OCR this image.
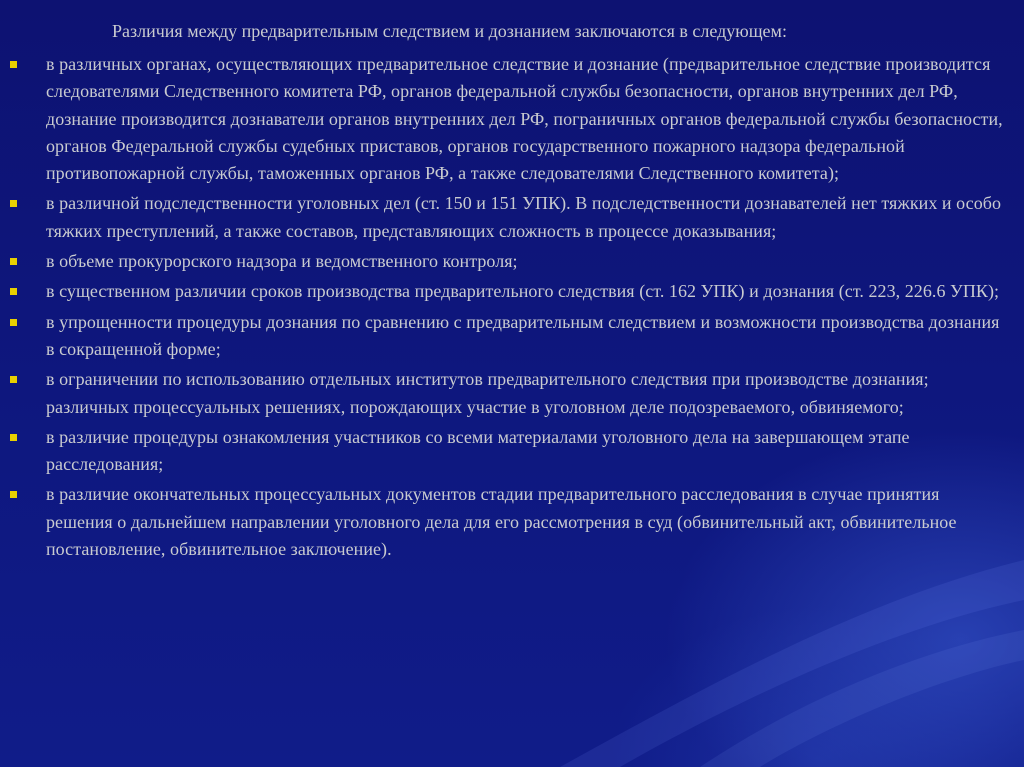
Различия между предварительным следствием и дознанием заключаются в следующем:
в различных органах, осуществляющих предварительное следствие и дознание (предварительное следствие производится следователями Следственного комитета РФ, органов федеральной службы безопасности, органов внутренних дел РФ, дознание производится дознаватели органов внутренних дел РФ, пограничных органов федеральной службы безопасности, органов Федеральной службы судебных приставов, органов государственного пожарного надзора федеральной противопожарной службы, таможенных органов РФ, а также следователями Следственного комитета);
в различной подследственности уголовных дел (ст. 150 и 151 УПК). В подследственности дознавателей нет тяжких и особо тяжких преступлений, а также составов, представляющих сложность в процессе доказывания;
в объеме прокурорского надзора и ведомственного контроля;
в существенном различии сроков производства предварительного следствия (ст. 162 УПК) и дознания (ст. 223, 226.6 УПК);
в упрощенности процедуры дознания по сравнению с предварительным следствием и возможности производства дознания в сокращенной форме;
в ограничении по использованию отдельных институтов предварительного следствия при производстве дознания; различных процессуальных решениях, порождающих участие в уголовном деле подозреваемого, обвиняемого;
в различие процедуры ознакомления участников со всеми материалами уголовного дела на завершающем этапе расследования;
в различие окончательных процессуальных документов стадии предварительного расследования в случае принятия решения о дальнейшем направлении уголовного дела для его рассмотрения в суд (обвинительный акт, обвинительное постановление, обвинительное заключение).
